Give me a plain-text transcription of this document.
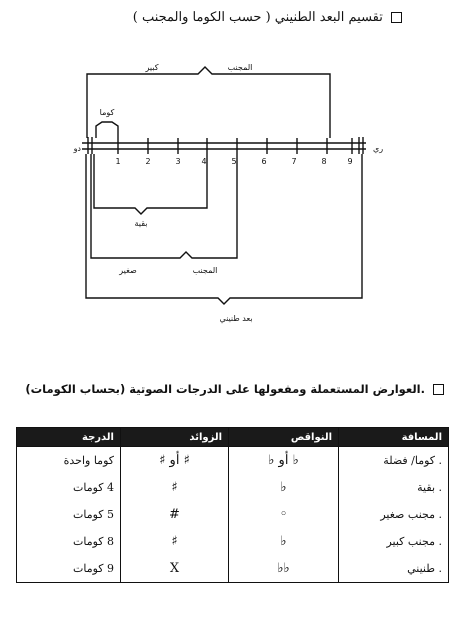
تقسيم البعد الطنيني ( حسب الكوما والمجنب )
دو	ري
كوما
كبير	المجنب
بقية
صغير	المجنب
بعد طنيني
1	2	3	4	5	6	7	8	9
.العوارض المستعملة ومفعولها على الدرجات الصوتية (بحساب الكومات)
المسافة	النواقص	الزوائد	الدرجة
. كوما/ فضلة	♭ أو ♭	♯ أو ♯	كوما واحدة
. بقية	♭	♯	4 كومات
. مجنب صغير	◦	#	5 كومات
. مجنب كبير	♭	♯	8 كومات
. طنيني	♭♭	X	9 كومات
